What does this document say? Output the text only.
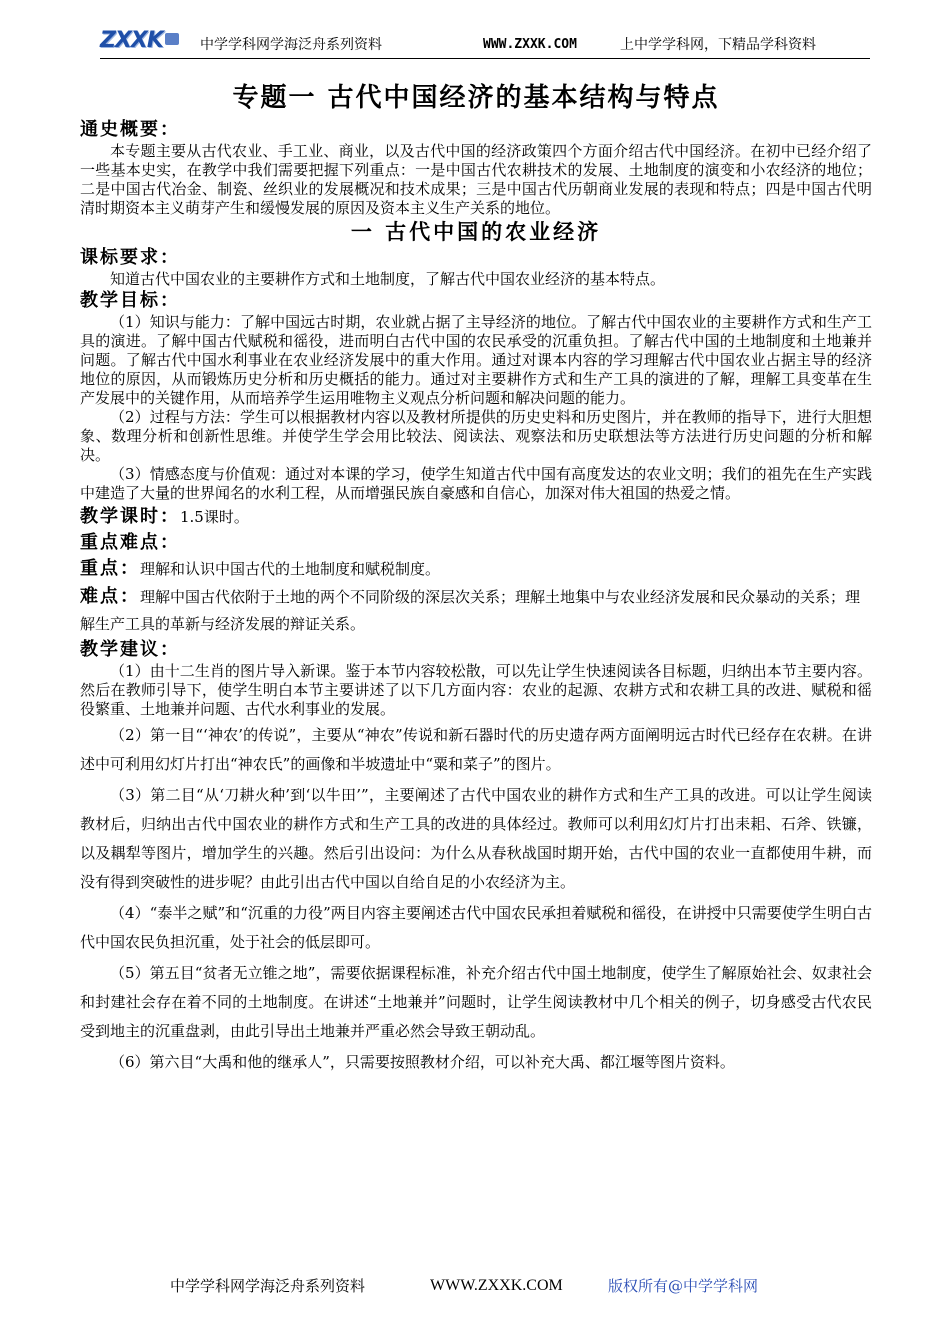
ZXXK	中学学科网学海泛舟系列资料	WWW.ZXXK.COM	上中学学科网，下精品学科资料
专题一 古代中国经济的基本结构与特点
通史概要：

本专题主要从古代农业、手工业、商业，以及古代中国的经济政策四个方面介绍古代中国经济。在初中已经介绍了一些基本史实，在教学中我们需要把握下列重点：一是中国古代农耕技术的发展、土地制度的演变和小农经济的地位；二是中国古代冶金、制瓷、丝织业的发展概况和技术成果；三是中国古代历朝商业发展的表现和特点；四是中国古代明清时期资本主义萌芽产生和缓慢发展的原因及资本主义生产关系的地位。

一 古代中国的农业经济
课标要求：

知道古代中国农业的主要耕作方式和土地制度，了解古代中国农业经济的基本特点。

教学目标：

（1）知识与能力：了解中国远古时期，农业就占据了主导经济的地位。了解古代中国农业的主要耕作方式和生产工具的演进。了解中国古代赋税和徭役，进而明白古代中国的农民承受的沉重负担。了解古代中国的土地制度和土地兼并问题。了解古代中国水利事业在农业经济发展中的重大作用。通过对课本内容的学习理解古代中国农业占据主导的经济地位的原因，从而锻炼历史分析和历史概括的能力。通过对主要耕作方式和生产工具的演进的了解，理解工具变革在生产发展中的关键作用，从而培养学生运用唯物主义观点分析问题和解决问题的能力。

（2）过程与方法：学生可以根据教材内容以及教材所提供的历史史料和历史图片，并在教师的指导下，进行大胆想象、数理分析和创新性思维。并使学生学会用比较法、阅读法、观察法和历史联想法等方法进行历史问题的分析和解决。

（3）情感态度与价值观：通过对本课的学习，使学生知道古代中国有高度发达的农业文明；我们的祖先在生产实践中建造了大量的世界闻名的水利工程，从而增强民族自豪感和自信心，加深对伟大祖国的热爱之情。

教学课时：1.5课时。
重点难点：
重点：理解和认识中国古代的土地制度和赋税制度。
难点：理解中国古代依附于土地的两个不同阶级的深层次关系；理解土地集中与农业经济发展和民众暴动的关系；理解生产工具的革新与经济发展的辩证关系。
教学建议：

（1）由十二生肖的图片导入新课。鉴于本节内容较松散，可以先让学生快速阅读各目标题，归纳出本节主要内容。然后在教师引导下，使学生明白本节主要讲述了以下几方面内容：农业的起源、农耕方式和农耕工具的改进、赋税和徭役繁重、土地兼并问题、古代水利事业的发展。

（2）第一目“‘神农’的传说”，主要从“神农”传说和新石器时代的历史遗存两方面阐明远古时代已经存在农耕。在讲述中可利用幻灯片打出“神农氏”的画像和半坡遗址中“粟和菜子”的图片。

（3）第二目“从‘刀耕火种’到‘以牛田’”，主要阐述了古代中国农业的耕作方式和生产工具的改进。可以让学生阅读教材后，归纳出古代中国农业的耕作方式和生产工具的改进的具体经过。教师可以利用幻灯片打出耒耜、石斧、铁镰，以及耦犁等图片，增加学生的兴趣。然后引出设问：为什么从春秋战国时期开始，古代中国的农业一直都使用牛耕，而没有得到突破性的进步呢？由此引出古代中国以自给自足的小农经济为主。

（4）“泰半之赋”和“沉重的力役”两目内容主要阐述古代中国农民承担着赋税和徭役，在讲授中只需要使学生明白古代中国农民负担沉重，处于社会的低层即可。

（5）第五目“贫者无立锥之地”，需要依据课程标准，补充介绍古代中国土地制度，使学生了解原始社会、奴隶社会和封建社会存在着不同的土地制度。在讲述“土地兼并”问题时，让学生阅读教材中几个相关的例子，切身感受古代农民受到地主的沉重盘剥，由此引导出土地兼并严重必然会导致王朝动乱。

（6）第六目“大禹和他的继承人”，只需要按照教材介绍，可以补充大禹、都江堰等图片资料。

中学学科网学海泛舟系列资料	WWW.ZXXK.COM	版权所有@中学学科网
